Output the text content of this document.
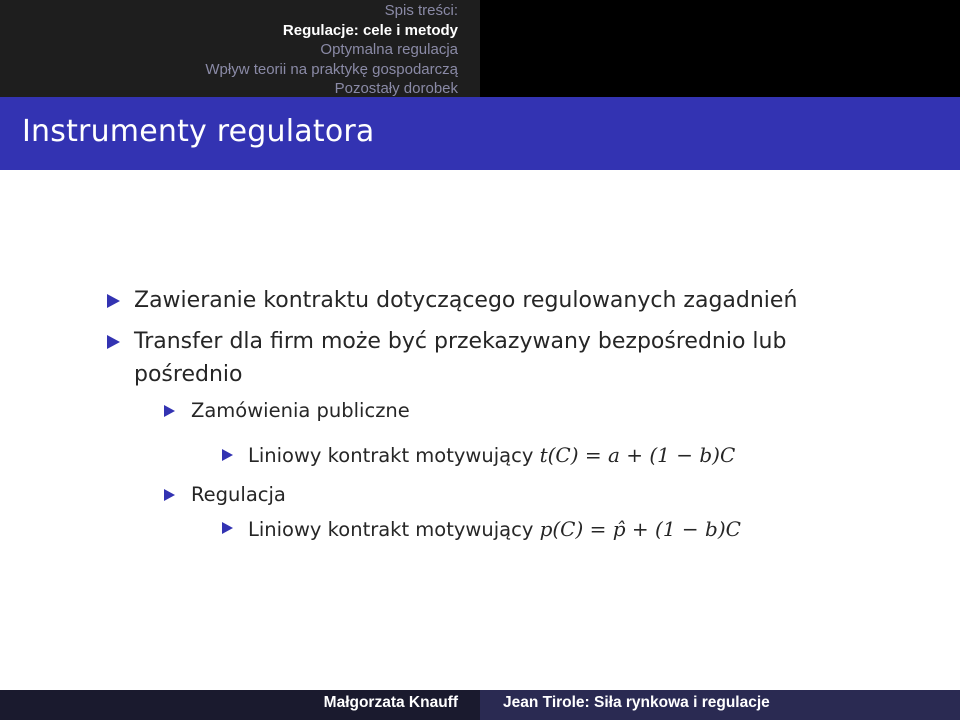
Spis treści:
Regulacje: cele i metody
Optymalna regulacja
Wpływ teorii na praktykę gospodarczą
Pozostały dorobek
Instrumenty regulatora
Zawieranie kontraktu dotyczącego regulowanych zagadnień
Transfer dla firm może być przekazywany bezpośrednio lub
pośrednio
Zamówienia publiczne
Liniowy kontrakt motywujący t(C) = a + (1 − b)C
Regulacja
Liniowy kontrakt motywujący p(C) = p̂ + (1 − b)C
Małgorzata Knauff	Jean Tirole: Siła rynkowa i regulacje
